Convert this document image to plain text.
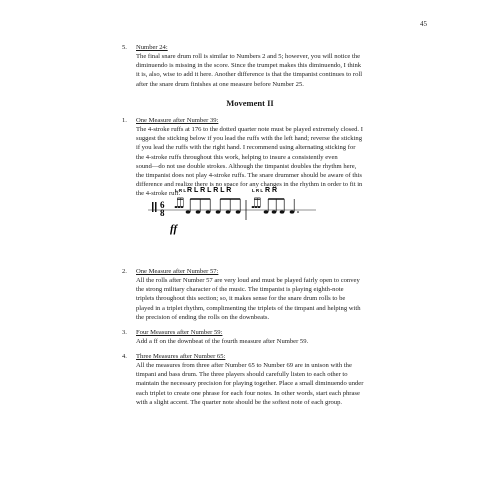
45
5. Number 24:
The final snare drum roll is similar to Numbers 2 and 5; however, you will notice the
diminuendo is missing in the score. Since the trumpet makes this diminuendo, I think
it is, also, wise to add it here. Another difference is that the timpanist continues to roll
after the snare drum finishes at one measure before Number 25.
Movement II
1. One Measure after Number 39:
The 4-stroke ruffs at 176 to the dotted quarter note must be played extremely closed. I
suggest the sticking below if you lead the ruffs with the left hand; reverse the sticking
if you lead the ruffs with the right hand. I recommend using alternating sticking for
the 4-stroke ruffs throughout this work, helping to insure a consistently even
sound—do not use double strokes. Although the timpanist doubles the rhythm here,
the timpanist does not play 4-stroke ruffs. The snare drummer should be aware of this
difference and realize there is no space for any changes in the rhythm in order to fit in
the 4-stroke ruff.
L R L R L R L R L R	L R L R R
6
8
ff
2. One Measure after Number 57:
All the rolls after Number 57 are very loud and must be played fairly open to convey
the strong military character of the music. The timpanist is playing eighth-note
triplets throughout this section; so, it makes sense for the snare drum rolls to be
played in a triplet rhythm, complimenting the triplets of the timpani and helping with
the precision of ending the rolls on the downbeats.
3. Four Measures after Number 59:
Add a ff on the downbeat of the fourth measure after Number 59.
4. Three Measures after Number 65:
All the measures from three after Number 65 to Number 69 are in unison with the
timpani and bass drum. The three players should carefully listen to each other to
maintain the necessary precision for playing together. Place a small diminuendo under
each triplet to create one phrase for each four notes. In other words, start each phrase
with a slight accent. The quarter note should be the softest note of each group.
